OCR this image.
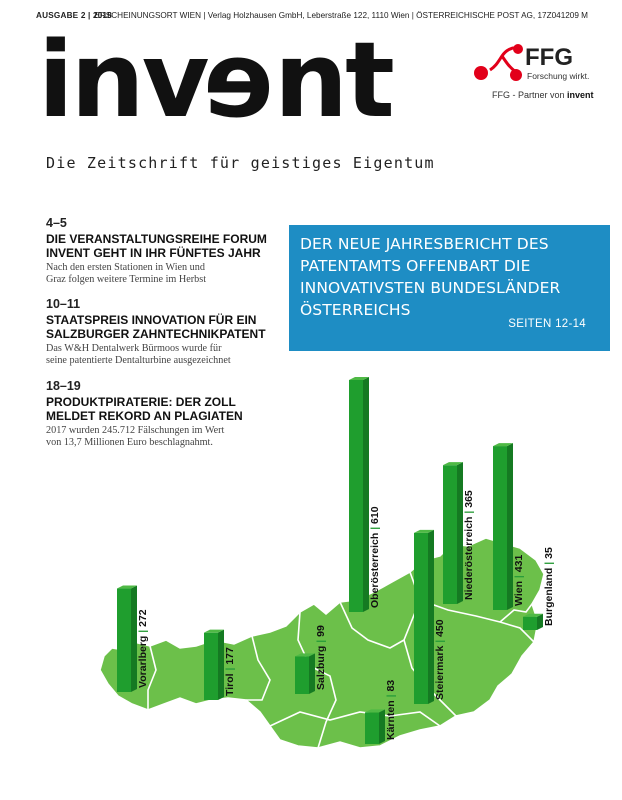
AUSGABE 2 | 2018
ERSCHEINUNGSORT WIEN | Verlag Holzhausen GmbH, Leberstraße 122, 1110 Wien | ÖSTERREICHISCHE POST AG, 17Z041209 M
invent
Die Zeitschrift für geistiges Eigentum
FFG
Forschung wirkt.
FFG - Partner von invent
4–5
DIE VERANSTALTUNGSREIHE FORUM
INVENT GEHT IN IHR FÜNFTES JAHR
Nach den ersten Stationen in Wien und
Graz folgen weitere Termine im Herbst
10–11
STAATSPREIS INNOVATION FÜR EIN
SALZBURGER ZAHNTECHNIKPATENT
Das W&H Dentalwerk Bürmoos wurde für
seine patentierte Dentalturbine ausgezeichnet
18–19
PRODUKTPIRATERIE: DER ZOLL
MELDET REKORD AN PLAGIATEN
2017 wurden 245.712 Fälschungen im Wert
von 13,7 Millionen Euro beschlagnahmt.
DER NEUE JAHRESBERICHT DES
PATENTAMTS OFFENBART DIE
INNOVATIVSTEN BUNDESLÄNDER
ÖSTERREICHS
SEITEN 12-14
Vorarlberg | 272
Tirol | 177	Salzburg | 99
Oberösterreich | 610
Kärnten | 83	Steiermark | 450
Niederösterreich | 365
Wien | 431
Burgenland | 35
